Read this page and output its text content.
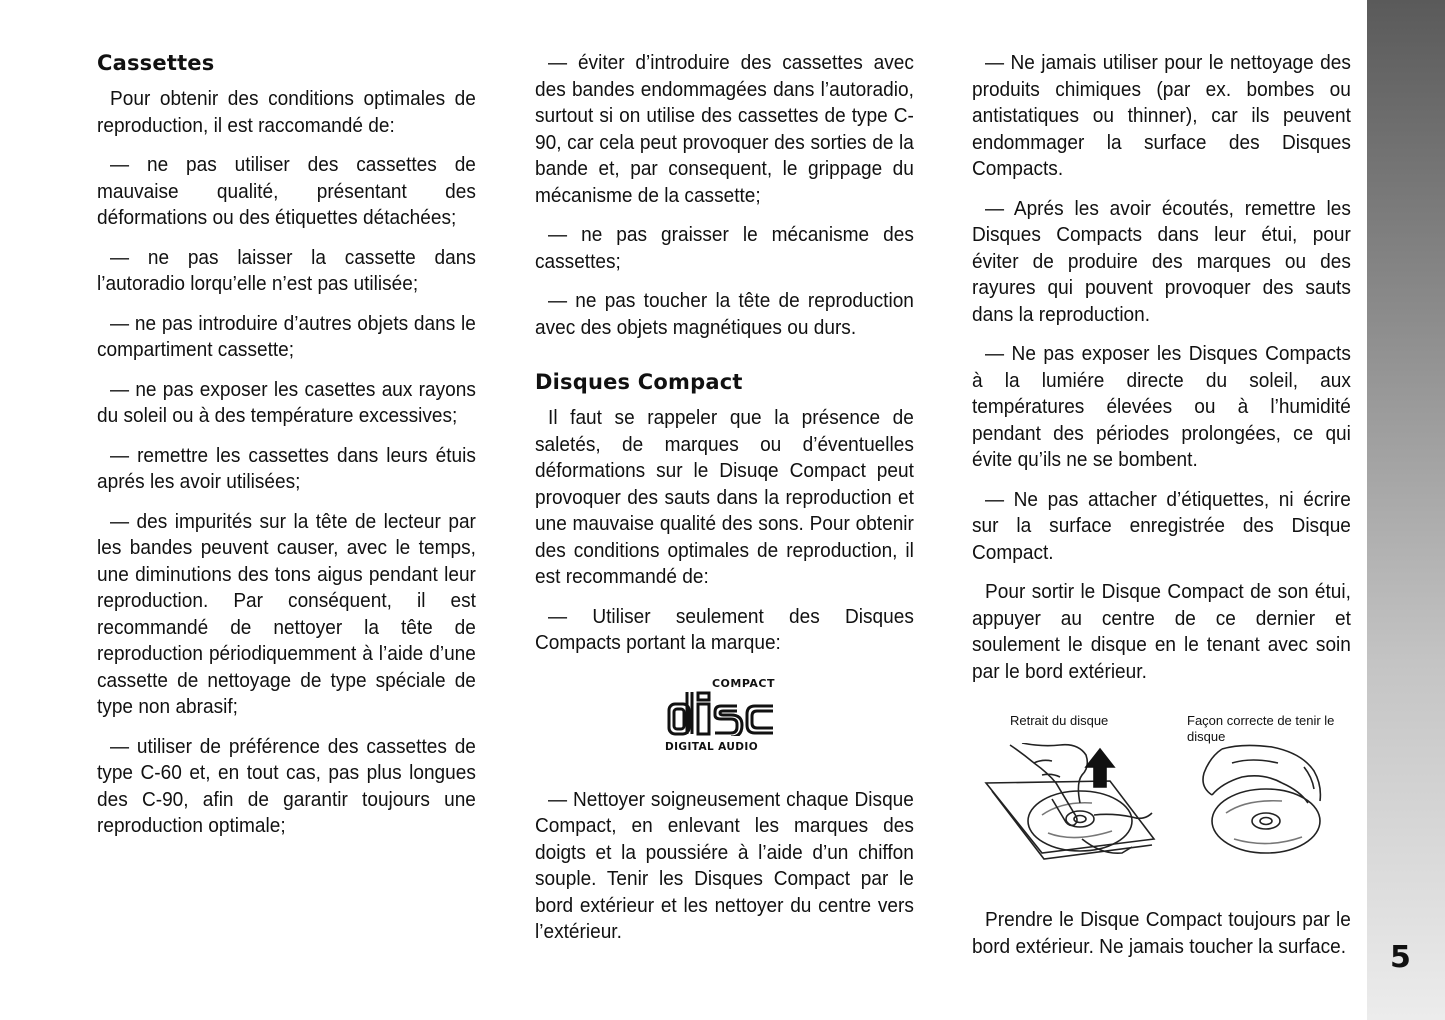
5
Cassettes

Pour obtenir des conditions optimales de reproduction, il est raccomandé de:

— ne pas utiliser des cassettes de mauvaise qualité, présentant des déformations ou des étiquettes détachées;

— ne pas laisser la cassette dans l’autoradio lorqu’elle n’est pas utilisée;

— ne pas introduire d’autres objets dans le compartiment cassette;

— ne pas exposer les casettes aux rayons du soleil ou à des température excessives;

— remettre les cassettes dans leurs étuis aprés les avoir utilisées;

— des impurités sur la tête de lecteur par les bandes peuvent causer, avec le temps, une diminutions des tons aigus pendant leur reproduction. Par conséquent, il est recommandé de nettoyer la tête de reproduction périodiquemment à l’aide d’une cassette de nettoyage de type spéciale de type non abrasif;

— utiliser de préférence des cassettes de type C-60 et, en tout cas, pas plus longues des C-90, afin de garantir toujours une reproduction optimale;

— éviter d’introduire des cassettes avec des bandes endommagées dans l’autoradio, surtout si on utilise des cassettes de type C-90, car cela peut provoquer des sorties de la bande et, par consequent, le grippage du mécanisme de la cassette;

— ne pas graisser le mécanisme des cassettes;

— ne pas toucher la tête de reproduction avec des objets magnétiques ou durs.

Disques Compact

Il faut se rappeler que la présence de saletés, de marques ou d’éventuelles déformations sur le Disuqe Compact peut provoquer des sauts dans la reproduction et une mauvaise qualité des sons. Pour obtenir des conditions optimales de reproduction, il est recommandé de:

— Utiliser seulement des Disques Compacts portant la marque:

COMPACT
DIGITAL AUDIO

— Nettoyer soigneusement chaque Disque Compact, en enlevant les marques des doigts et la poussiére à l’aide d’un chiffon souple. Tenir les Disques Compact par le bord extérieur et les nettoyer du centre vers l’extérieur.

— Ne jamais utiliser pour le nettoyage des produits chimiques (par ex. bombes ou antistatiques ou thinner), car ils peuvent endommager la surface des Disques Compacts.

— Aprés les avoir écoutés, remettre les Disques Compacts dans leur étui, pour éviter de produire des marques ou des rayures qui pouvent provoquer des sauts dans la reproduction.

— Ne pas exposer les Disques Compacts à la lumiére directe du soleil, aux températures élevées ou à l’humidité pendant des périodes prolongées, ce qui évite qu’ils ne se bombent.

— Ne pas attacher d’étiquettes, ni écrire sur la surface enregistrée des Disque Compact.

Pour sortir le Disque Compact de son étui, appuyer au centre de ce dernier et soulement le disque en le tenant avec soin par le bord extérieur.

Retrait du disque	Façon correcte de tenir le disque

Prendre le Disque Compact toujours par le bord extérieur. Ne jamais toucher la surface.
